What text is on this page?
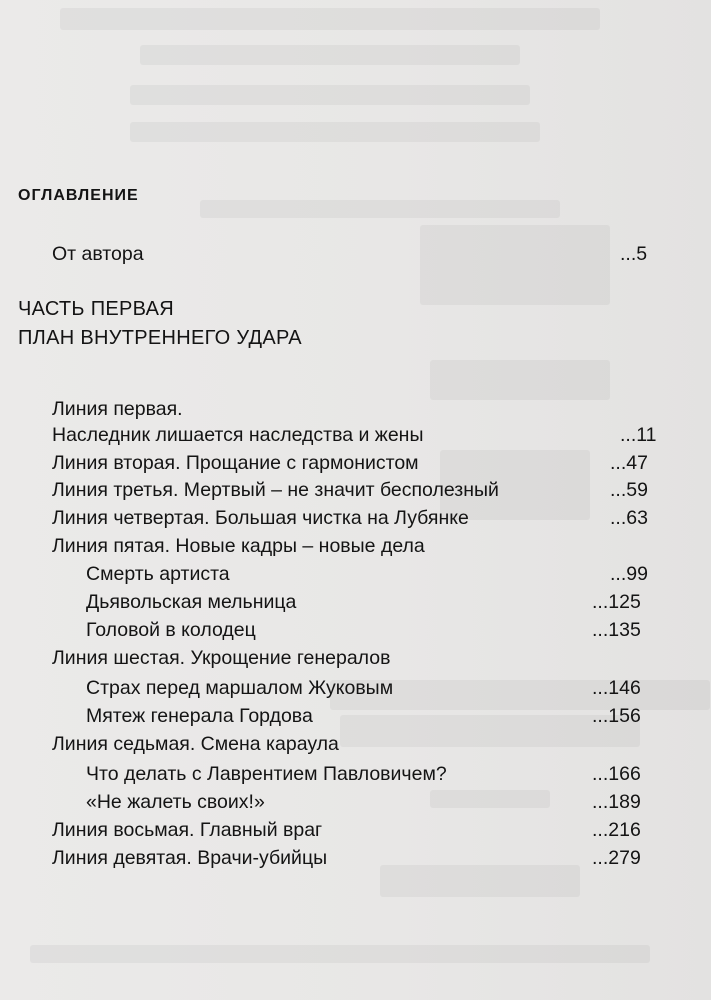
ОГЛАВЛЕНИЕ
От автора	...5
ЧАСТЬ ПЕРВАЯ
ПЛАН ВНУТРЕННЕГО УДАРА
Линия первая.
Наследник лишается наследства и жены	...11
Линия вторая. Прощание с гармонистом	...47
Линия третья. Мертвый – не значит бесполезный	...59
Линия четвертая. Большая чистка на Лубянке	...63
Линия пятая. Новые кадры – новые дела
Смерть артиста	...99
Дьявольская мельница	...125
Головой в колодец	...135
Линия шестая. Укрощение генералов
Страх перед маршалом Жуковым	...146
Мятеж генерала Гордова	...156
Линия седьмая. Смена караула
Что делать с Лаврентием Павловичем?	...166
«Не жалеть своих!»	...189
Линия восьмая. Главный враг	...216
Линия девятая. Врачи-убийцы	...279
